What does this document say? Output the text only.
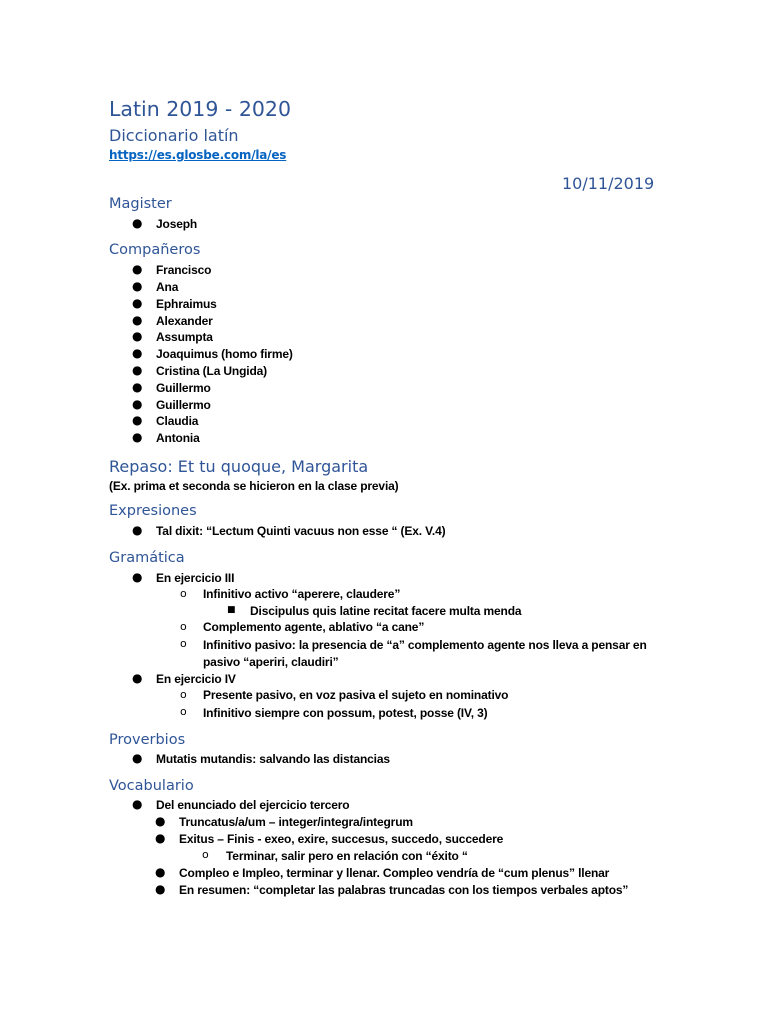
Latin 2019 - 2020
Diccionario latín
https://es.glosbe.com/la/es
10/11/2019
Magister
● Joseph
Compañeros
● Francisco
● Ana
● Ephraimus
● Alexander
● Assumpta
● Joaquimus (homo firme)
● Cristina (La Ungida)
● Guillermo
● Guillermo
● Claudia
● Antonia
Repaso: Et tu quoque, Margarita
(Ex. prima et seconda se hicieron en la clase previa)
Expresiones
● Tal dixit: “Lectum Quinti vacuus non esse “ (Ex. V.4)
Gramática
● En ejercicio III
o Infinitivo activo “aperere, claudere”
■ Discipulus quis latine recitat facere multa menda
o Complemento agente, ablativo “a cane”
o Infinitivo pasivo: la presencia de “a” complemento agente nos lleva a pensar en
pasivo “aperiri, claudiri”
● En ejercicio IV
o Presente pasivo, en voz pasiva el sujeto en nominativo
o Infinitivo siempre con possum, potest, posse (IV, 3)
Proverbios
● Mutatis mutandis: salvando las distancias
Vocabulario
● Del enunciado del ejercicio tercero
● Truncatus/a/um – integer/integra/integrum
● Exitus – Finis - exeo, exire, succesus, succedo, succedere
o Terminar, salir pero en relación con “éxito “
● Compleo e Impleo, terminar y llenar. Compleo vendría de “cum plenus” llenar
● En resumen: “completar las palabras truncadas con los tiempos verbales aptos”
